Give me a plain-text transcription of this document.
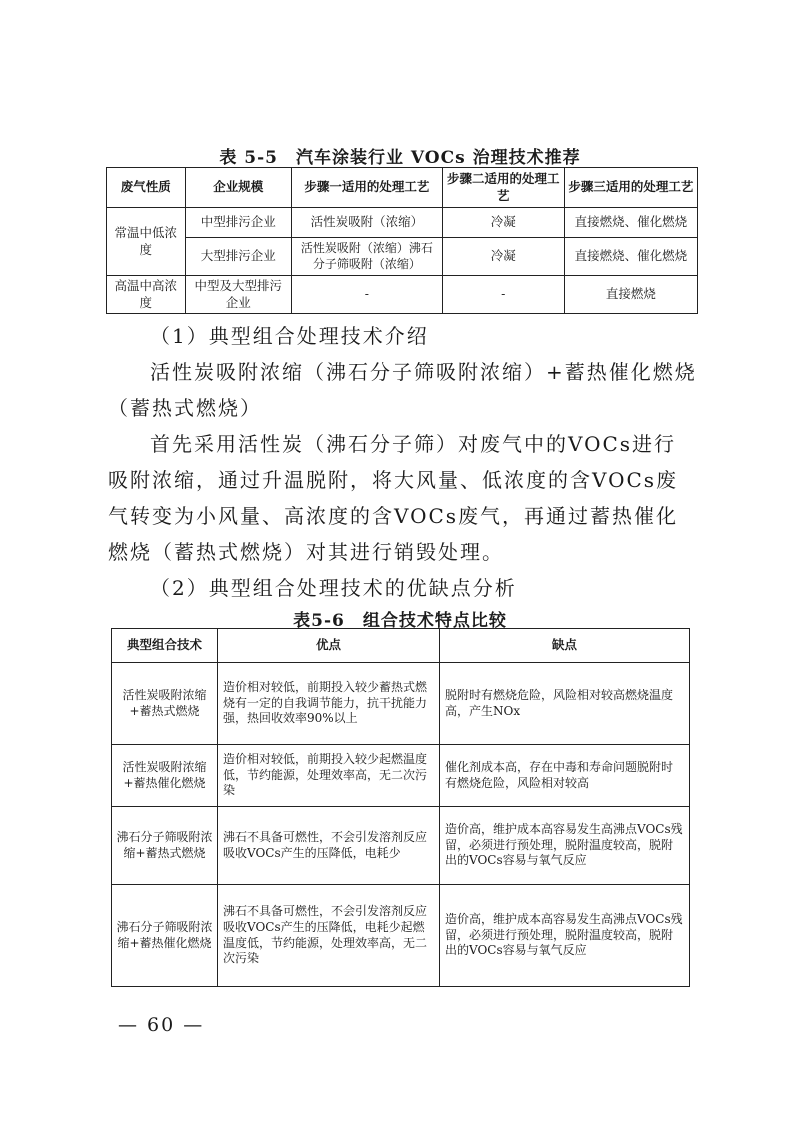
表 5-5　汽车涂装行业 VOCs 治理技术推荐
废气性质	企业规模	步骤一适用的处理工艺	步骤二适用的处理工艺	步骤三适用的处理工艺
常温中低浓度	中型排污企业	活性炭吸附（浓缩）	冷凝	直接燃烧、催化燃烧
	大型排污企业	活性炭吸附（浓缩）沸石分子筛吸附（浓缩）	冷凝	直接燃烧、催化燃烧
高温中高浓度	中型及大型排污企业	-	-	直接燃烧
（1）典型组合处理技术介绍
活性炭吸附浓缩（沸石分子筛吸附浓缩）+蓄热催化燃烧（蓄热式燃烧）
首先采用活性炭（沸石分子筛）对废气中的VOCs进行吸附浓缩，通过升温脱附，将大风量、低浓度的含VOCs废气转变为小风量、高浓度的含VOCs废气，再通过蓄热催化燃烧（蓄热式燃烧）对其进行销毁处理。
（2）典型组合处理技术的优缺点分析
表5-6　组合技术特点比较
典型组合技术	优点	缺点
活性炭吸附浓缩+蓄热式燃烧	造价相对较低，前期投入较少蓄热式燃烧有一定的自我调节能力，抗干扰能力强，热回收效率90%以上	脱附时有燃烧危险，风险相对较高燃烧温度高，产生NOx
活性炭吸附浓缩+蓄热催化燃烧	造价相对较低，前期投入较少起燃温度低，节约能源，处理效率高，无二次污染	催化剂成本高，存在中毒和寿命问题脱附时有燃烧危险，风险相对较高
沸石分子筛吸附浓缩+蓄热式燃烧	沸石不具备可燃性，不会引发溶剂反应吸收VOCs产生的压降低，电耗少	造价高，维护成本高容易发生高沸点VOCs残留，必须进行预处理，脱附温度较高，脱附出的VOCs容易与氧气反应
沸石分子筛吸附浓缩+蓄热催化燃烧	沸石不具备可燃性，不会引发溶剂反应吸收VOCs产生的压降低，电耗少起燃温度低，节约能源，处理效率高，无二次污染	造价高，维护成本高容易发生高沸点VOCs残留，必须进行预处理，脱附温度较高，脱附出的VOCs容易与氧气反应
— 60 —
